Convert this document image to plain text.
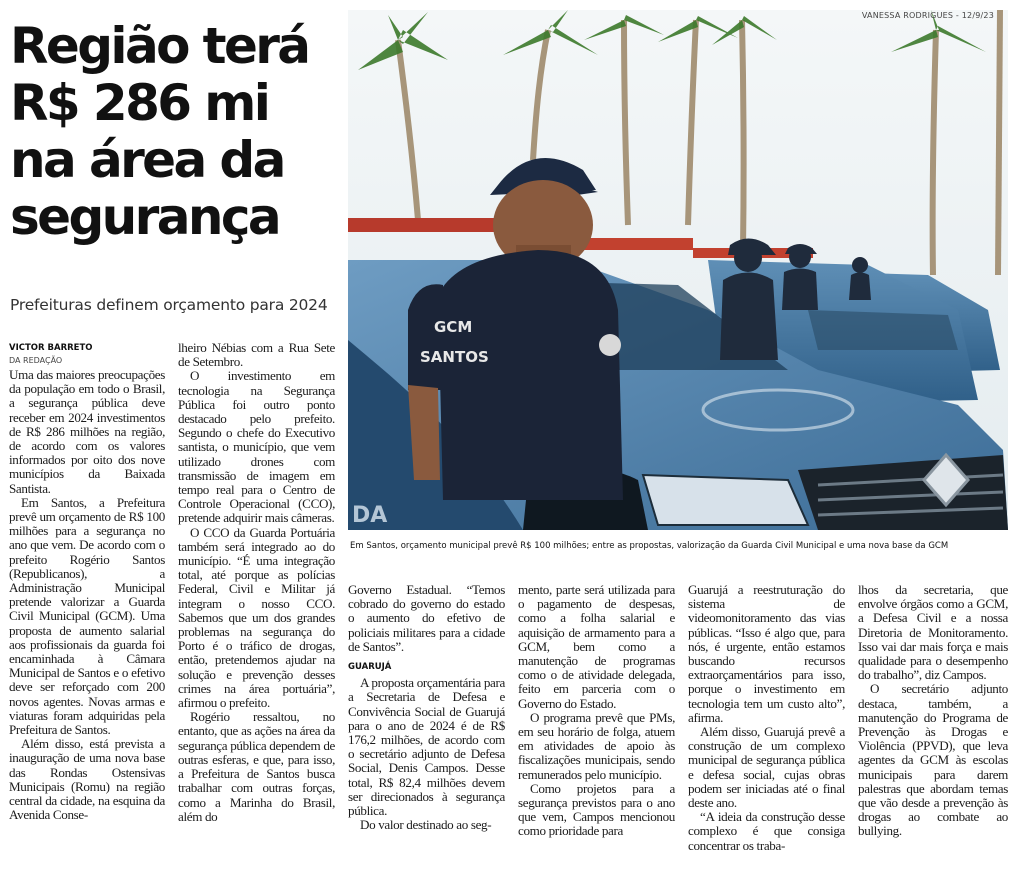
Região terá R$ 286 mi na área da segurança
Prefeituras definem orçamento para 2024
DA
GCM
SANTOS
VANESSA RODRIGUES - 12/9/23
Em Santos, orçamento municipal prevê R$ 100 milhões; entre as propostas, valorização da Guarda Civil Municipal e uma nova base da GCM
VICTOR BARRETO
DA REDAÇÃO

Uma das maiores preocupações da população em todo o Brasil, a segurança pública deve receber em 2024 investimentos de R$ 286 milhões na região, de acordo com os valores informados por oito dos nove municípios da Baixada Santista.

Em Santos, a Prefeitura prevê um orçamento de R$ 100 milhões para a segurança no ano que vem. De acordo com o prefeito Rogério Santos (Republicanos), a Administração Municipal pretende valorizar a Guarda Civil Municipal (GCM). Uma proposta de aumento salarial aos profissionais da guarda foi encaminhada à Câmara Municipal de Santos e o efetivo deve ser reforçado com 200 novos agentes. Novas armas e viaturas foram adquiridas pela Prefeitura de Santos.

Além disso, está prevista a inauguração de uma nova base das Rondas Ostensivas Municipais (Romu) na região central da cidade, na esquina da Avenida Conse-

lheiro Nébias com a Rua Sete de Setembro.

O investimento em tecnologia na Segurança Pública foi outro ponto destacado pelo prefeito. Segundo o chefe do Executivo santista, o município, que vem utilizado drones com transmissão de imagem em tempo real para o Centro de Controle Operacional (CCO), pretende adquirir mais câmeras.

O CCO da Guarda Portuária também será integrado ao do município. “É uma integração total, até porque as polícias Federal, Civil e Militar já integram o nosso CCO. Sabemos que um dos grandes problemas na segurança do Porto é o tráfico de drogas, então, pretendemos ajudar na solução e prevenção desses crimes na área portuária”, afirmou o prefeito.

Rogério ressaltou, no entanto, que as ações na área da segurança pública dependem de outras esferas, e que, para isso, a Prefeitura de Santos busca trabalhar com outras forças, como a Marinha do Brasil, além do

Governo Estadual. “Temos cobrado do governo do estado o aumento do efetivo de policiais militares para a cidade de Santos”.

GUARUJÁ

A proposta orçamentária para a Secretaria de Defesa e Convivência Social de Guarujá para o ano de 2024 é de R$ 176,2 milhões, de acordo com o secretário adjunto de Defesa Social, Denis Campos. Desse total, R$ 82,4 milhões devem ser direcionados à segurança pública.

Do valor destinado ao seg-

mento, parte será utilizada para o pagamento de despesas, como a folha salarial e aquisição de armamento para a GCM, bem como a manutenção de programas como o de atividade delegada, feito em parceria com o Governo do Estado.

O programa prevê que PMs, em seu horário de folga, atuem em atividades de apoio às fiscalizações municipais, sendo remunerados pelo município.

Como projetos para a segurança previstos para o ano que vem, Campos mencionou como prioridade para

Guarujá a reestruturação do sistema de videomonitoramento das vias públicas. “Isso é algo que, para nós, é urgente, então estamos buscando recursos extraorçamentários para isso, porque o investimento em tecnologia tem um custo alto”, afirma.

Além disso, Guarujá prevê a construção de um complexo municipal de segurança pública e defesa social, cujas obras podem ser iniciadas até o final deste ano.

“A ideia da construção desse complexo é que consiga concentrar os traba-

lhos da secretaria, que envolve órgãos como a GCM, a Defesa Civil e a nossa Diretoria de Monitoramento. Isso vai dar mais força e mais qualidade para o desempenho do trabalho”, diz Campos.

O secretário adjunto destaca, também, a manutenção do Programa de Prevenção às Drogas e Violência (PPVD), que leva agentes da GCM às escolas municipais para darem palestras que abordam temas que vão desde a prevenção às drogas ao combate ao bullying.
